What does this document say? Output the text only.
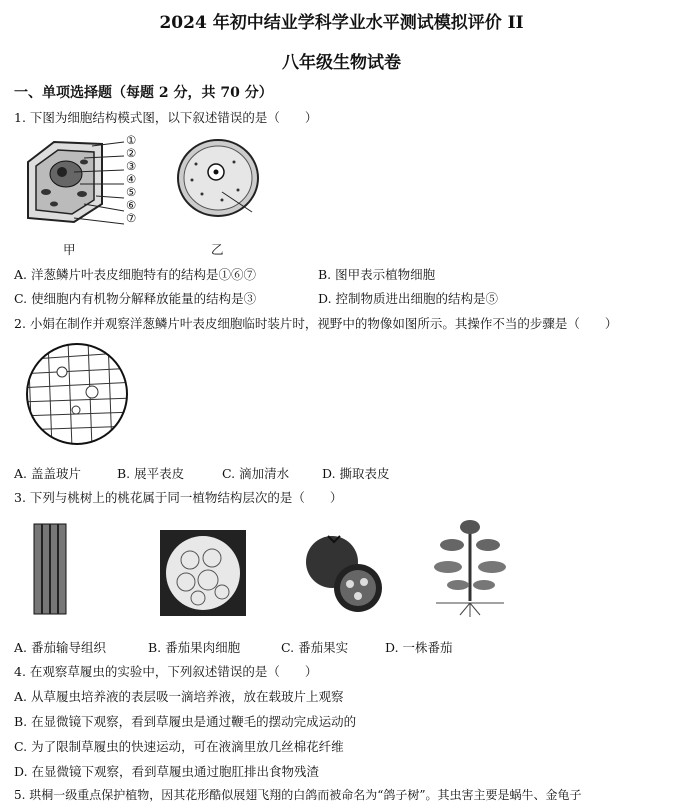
2024 年初中结业学科学业水平测试模拟评价 II
八年级生物试卷
一、单项选择题（每题 2 分，共 70 分）
1. 下图为细胞结构模式图，以下叙述错误的是（　　）
①
②
③
④
⑤
⑥
⑦
甲	乙
A. 洋葱鳞片叶表皮细胞特有的结构是①⑥⑦	B. 图甲表示植物细胞
C. 使细胞内有机物分解释放能量的结构是③	D. 控制物质进出细胞的结构是⑤
2. 小娟在制作并观察洋葱鳞片叶表皮细胞临时装片时，视野中的物像如图所示。其操作不当的步骤是（　　）
A. 盖盖玻片	B. 展平表皮	C. 滴加清水	D. 撕取表皮
3. 下列与桃树上的桃花属于同一植物结构层次的是（　　）
A. 番茄输导组织	B. 番茄果肉细胞	C. 番茄果实	D. 一株番茄
4. 在观察草履虫的实验中，下列叙述错误的是（　　）
A. 从草履虫培养液的表层吸一滴培养液，放在载玻片上观察
B. 在显微镜下观察，看到草履虫是通过鞭毛的摆动完成运动的
C. 为了限制草履虫的快速运动，可在液滴里放几丝棉花纤维
D. 在显微镜下观察，看到草履虫通过胞肛排出食物残渣
5. 珙桐一级重点保护植物，因其花形酷似展翅飞翔的白鸽而被命名为“鸽子树”。其虫害主要是蜗牛、金龟子
